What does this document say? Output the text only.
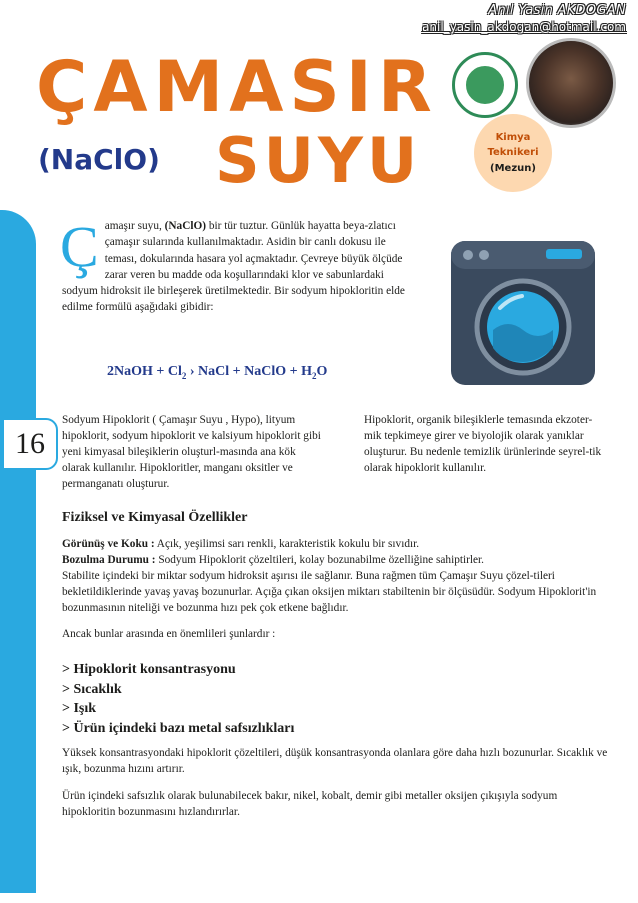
16
Anıl Yasin AKDOGAN
anil_yasin_akdogan@hotmail.com
ÇAMASIR
(NaClO) SUYU	Kimya
Teknikeri
(Mezun)
Ç amaşır suyu, (NaClO) bir tür tuztur. Günlük hayatta beya-zlatıcı çamaşır sularında kullanılmaktadır. Asidin bir canlı dokusu ile teması, dokularında hasara yol açmaktadır. Çevreye büyük ölçüde zarar veren bu madde oda koşullarındaki klor ve sabunlardaki sodyum hidroksit ile birleşerek üretilmektedir. Bir sodyum hipokloritin elde edilme formülü aşağıdaki gibidir:
2NaOH + $Cl_2$ › NaCl + NaClO + $H_2O$
Sodyum Hipoklorit ( Çamaşır Suyu , Hypo), lityum hipoklorit, sodyum hipoklorit ve kalsiyum hipoklorit gibi yeni kimyasal bileşiklerin oluşturl-masında ana kök olarak kullanılır. Hipokloritler, manganı oksitler ve permanganatı oluşturur.
Hipoklorit, organik bileşiklerle temasında ekzoter-mik tepkimeye girer ve biyolojik olarak yanıklar oluşturur. Bu nedenle temizlik ürünlerinde seyrel-tik olarak hipoklorit kullanılır.
Fiziksel ve Kimyasal Özellikler

Görünüş ve Koku : Açık, yeşilimsi sarı renkli, karakteristik kokulu bir sıvıdır.

Bozulma Durumu : Sodyum Hipoklorit çözeltileri, kolay bozunabilme özelliğine sahiptirler.

Stabilite içindeki bir miktar sodyum hidroksit aşırısı ile sağlanır. Buna rağmen tüm Çamaşır Suyu çözel-tileri bekletildiklerinde yavaş yavaş bozunurlar. Açığa çıkan oksijen miktarı stabiltenin bir ölçüsüdür. Sodyum Hipoklorit'in bozunmasının niteliği ve bozunma hızı pek çok etkene bağlıdır.

Ancak bunlar arasında en önemlileri şunlardır :

> Hipoklorit konsantrasyonu
> Sıcaklık
> Işık
> Ürün içindeki bazı metal safsızlıkları

Yüksek konsantrasyondaki hipoklorit çözeltileri, düşük konsantrasyonda olanlara göre daha hızlı bozunurlar. Sıcaklık ve ışık, bozunma hızını artırır.

Ürün içindeki safsızlık olarak bulunabilecek bakır, nikel, kobalt, demir gibi metaller oksijen çıkışıyla sodyum hipokloritin bozunmasını hızlandırırlar.
